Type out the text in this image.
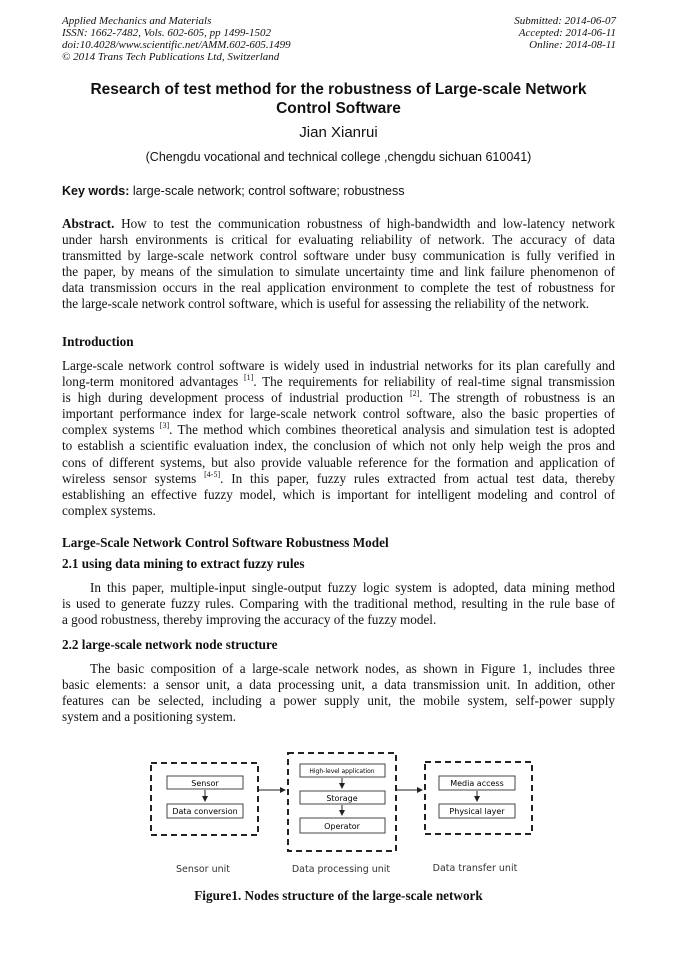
Applied Mechanics and Materials
ISSN: 1662-7482, Vols. 602-605, pp 1499-1502
doi:10.4028/www.scientific.net/AMM.602-605.1499
© 2014 Trans Tech Publications Ltd, Switzerland
Submitted: 2014-06-07
Accepted: 2014-06-11
Online: 2014-08-11
Research of test method for the robustness of Large-scale Network
Control Software
Jian Xianrui
(Chengdu vocational and technical college ,chengdu sichuan 610041)
Key words: large-scale network; control software; robustness
Abstract. How to test the communication robustness of high-bandwidth and low-latency network
under harsh environments is critical for evaluating reliability of network. The accuracy of data
transmitted by large-scale network control software under busy communication is fully verified in
the paper, by means of the simulation to simulate uncertainty time and link failure phenomenon of
data transmission occurs in the real application environment to complete the test of robustness for
the large-scale network control software, which is useful for assessing the reliability of the network.
Introduction
Large-scale network control software is widely used in industrial networks for its plan carefully and
long-term monitored advantages [1]. The requirements for reliability of real-time signal transmission
is high during development process of industrial production [2]. The strength of robustness is an
important performance index for large-scale network control software, also the basic properties of
complex systems [3]. The method which combines theoretical analysis and simulation test is adopted
to establish a scientific evaluation index, the conclusion of which not only help weigh the pros and
cons of different systems, but also provide valuable reference for the formation and application of
wireless sensor systems [4-5]. In this paper, fuzzy rules extracted from actual test data, thereby
establishing an effective fuzzy model, which is important for intelligent modeling and control of
complex systems.
Large-Scale Network Control Software Robustness Model
2.1 using data mining to extract fuzzy rules
In this paper, multiple-input single-output fuzzy logic system is adopted, data mining method
is used to generate fuzzy rules. Comparing with the traditional method, resulting in the rule base of
a good robustness, thereby improving the accuracy of the fuzzy model.
2.2 large-scale network node structure
The basic composition of a large-scale network nodes, as shown in Figure 1, includes three
basic elements: a sensor unit, a data processing unit, a data transmission unit. In addition, other
features can be selected, including a power supply unit, the mobile system, self-power supply
system and a positioning system.
Sensor
Data conversion
High-level application
Storage
Operator
Media access
Physical layer
Sensor unit	Data processing unit	Data transfer unit
Figure1. Nodes structure of the large-scale network
